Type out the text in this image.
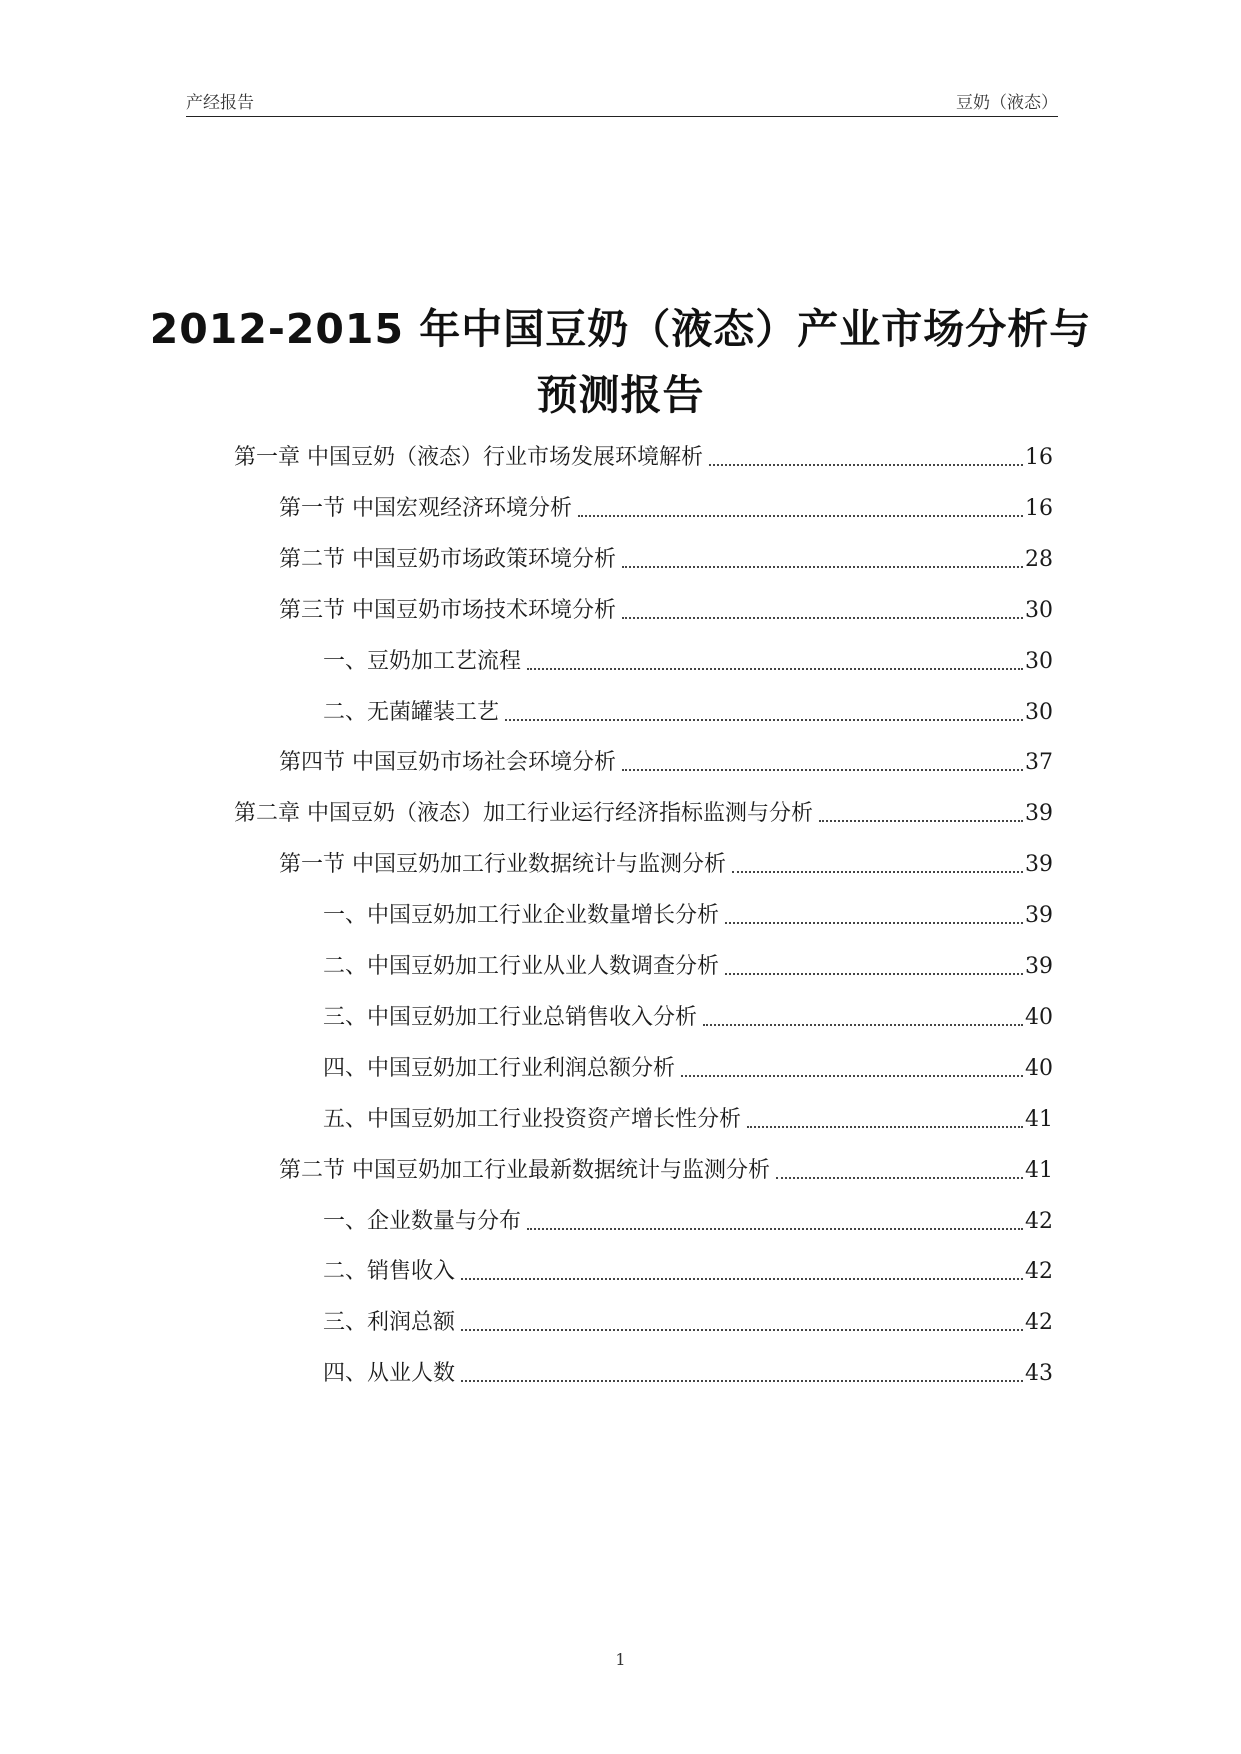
产经报告	豆奶（液态）
2012-2015 年中国豆奶（液态）产业市场分析与
预测报告
第一章 中国豆奶（液态）行业市场发展环境解析	16
第一节 中国宏观经济环境分析	16
第二节 中国豆奶市场政策环境分析	28
第三节 中国豆奶市场技术环境分析	30
一、豆奶加工艺流程	30
二、无菌罐装工艺	30
第四节 中国豆奶市场社会环境分析	37
第二章 中国豆奶（液态）加工行业运行经济指标监测与分析	39
第一节 中国豆奶加工行业数据统计与监测分析	39
一、中国豆奶加工行业企业数量增长分析	39
二、中国豆奶加工行业从业人数调查分析	39
三、中国豆奶加工行业总销售收入分析	40
四、中国豆奶加工行业利润总额分析	40
五、中国豆奶加工行业投资资产增长性分析	41
第二节 中国豆奶加工行业最新数据统计与监测分析	41
一、企业数量与分布	42
二、销售收入	42
三、利润总额	42
四、从业人数	43
1
